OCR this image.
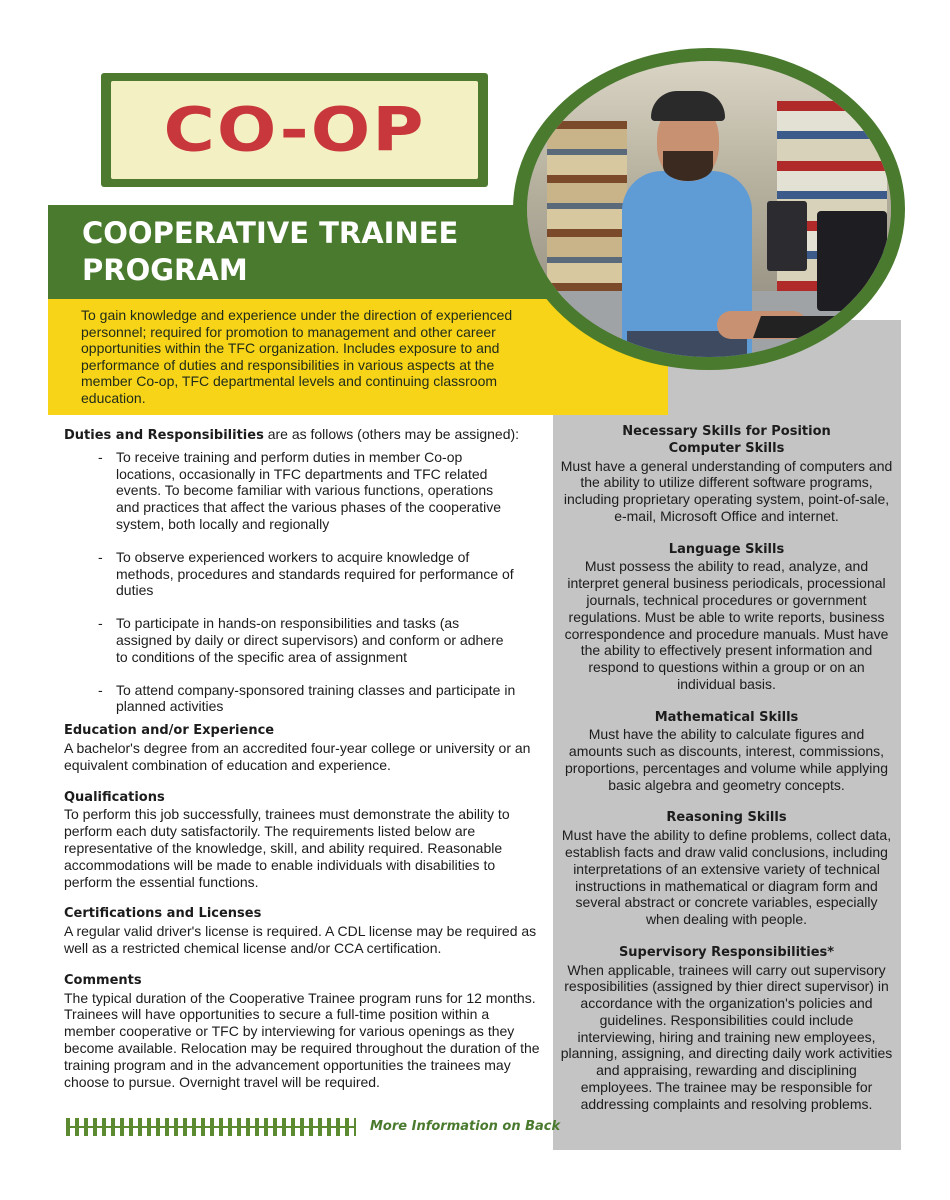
CO-OP

To gain knowledge and experience under the direction of experienced personnel; required for promotion to management and other career opportunities within the TFC organization. Includes exposure to and performance of duties and responsibilities in various aspects at the member Co-op, TFC departmental levels and continuing classroom education.

COOPERATIVE TRAINEE PROGRAM

Duties and Responsibilities are as follows (others may be assigned):

- To receive training and perform duties in member Co-op locations, occasionally in TFC departments and TFC related events. To become familiar with various functions, operations and practices that affect the various phases of the cooperative system, both locally and regionally
- To observe experienced workers to acquire knowledge of methods, procedures and standards required for performance of duties
- To participate in hands-on responsibilities and tasks (as assigned by daily or direct supervisors) and conform or adhere to conditions of the specific area of assignment
- To attend company-sponsored training classes and participate in planned activities
Education and/or Experience

A bachelor's degree from an accredited four-year college or university or an equivalent combination of education and experience.

Qualifications

To perform this job successfully, trainees must demonstrate the ability to perform each duty satisfactorily. The requirements listed below are representative of the knowledge, skill, and ability required. Reasonable accommodations will be made to enable individuals with disabilities to perform the essential functions.

Certifications and Licenses

A regular valid driver's license is required. A CDL license may be required as well as a restricted chemical license and/or CCA certification.

Comments

The typical duration of the Cooperative Trainee program runs for 12 months. Trainees will have opportunities to secure a full-time position within a member cooperative or TFC by interviewing for various openings as they become available. Relocation may be required throughout the duration of the training program and in the advancement opportunities the trainees may choose to pursue. Overnight travel will be required.

Necessary Skills for Position
Computer Skills

Must have a general understanding of computers and the ability to utilize different software programs, including proprietary operating system, point-of-sale, e-mail, Microsoft Office and internet.

Language Skills

Must possess the ability to read, analyze, and interpret general business periodicals, processional journals, technical procedures or government regulations. Must be able to write reports, business correspondence and procedure manuals. Must have the ability to effectively present information and respond to questions within a group or on an individual basis.

Mathematical Skills

Must have the ability to calculate figures and amounts such as discounts, interest, commissions, proportions, percentages and volume while applying basic algebra and geometry concepts.

Reasoning Skills

Must have the ability to define problems, collect data, establish facts and draw valid conclusions, including interpretations of an extensive variety of technical instructions in mathematical or diagram form and several abstract or concrete variables, especially when dealing with people.

Supervisory Responsibilities*

When applicable, trainees will carry out supervisory resposibilities (assigned by thier direct supervisor) in accordance with the organization's policies and guidelines. Responsibilities could include interviewing, hiring and training new employees, planning, assigning, and directing daily work activities and appraising, rewarding and disciplining employees. The trainee may be responsible for addressing complaints and resolving problems.

More Information on Back
